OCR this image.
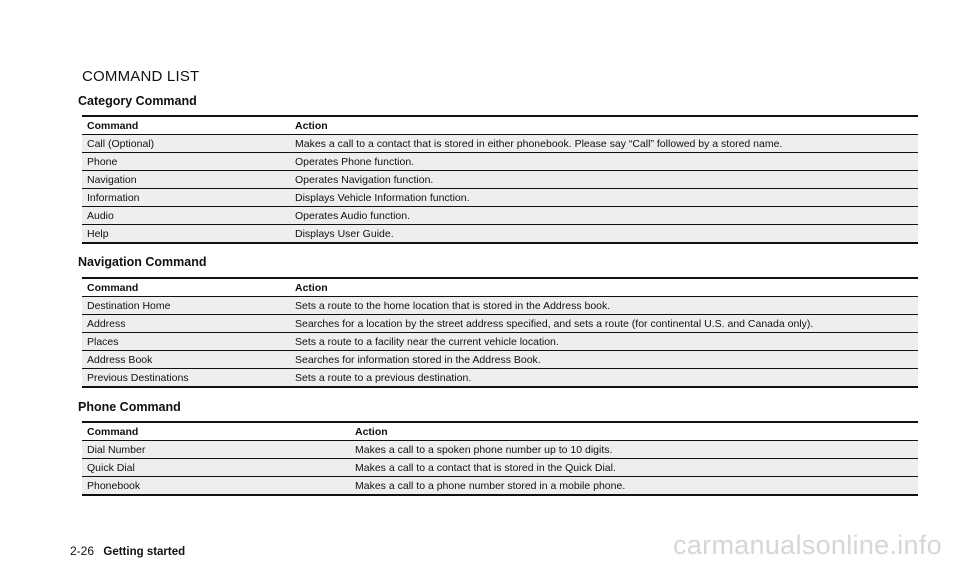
COMMAND LIST
Category Command
Command	Action
Call (Optional)	Makes a call to a contact that is stored in either phonebook. Please say “Call” followed by a stored name.
Phone	Operates Phone function.
Navigation	Operates Navigation function.
Information	Displays Vehicle Information function.
Audio	Operates Audio function.
Help	Displays User Guide.
Navigation Command
Command	Action
Destination Home	Sets a route to the home location that is stored in the Address book.
Address	Searches for a location by the street address specified, and sets a route (for continental U.S. and Canada only).
Places	Sets a route to a facility near the current vehicle location.
Address Book	Searches for information stored in the Address Book.
Previous Destinations	Sets a route to a previous destination.
Phone Command
Command	Action
Dial Number	Makes a call to a spoken phone number up to 10 digits.
Quick Dial	Makes a call to a contact that is stored in the Quick Dial.
Phonebook	Makes a call to a phone number stored in a mobile phone.
2-26 Getting started	carmanualsonline.info
